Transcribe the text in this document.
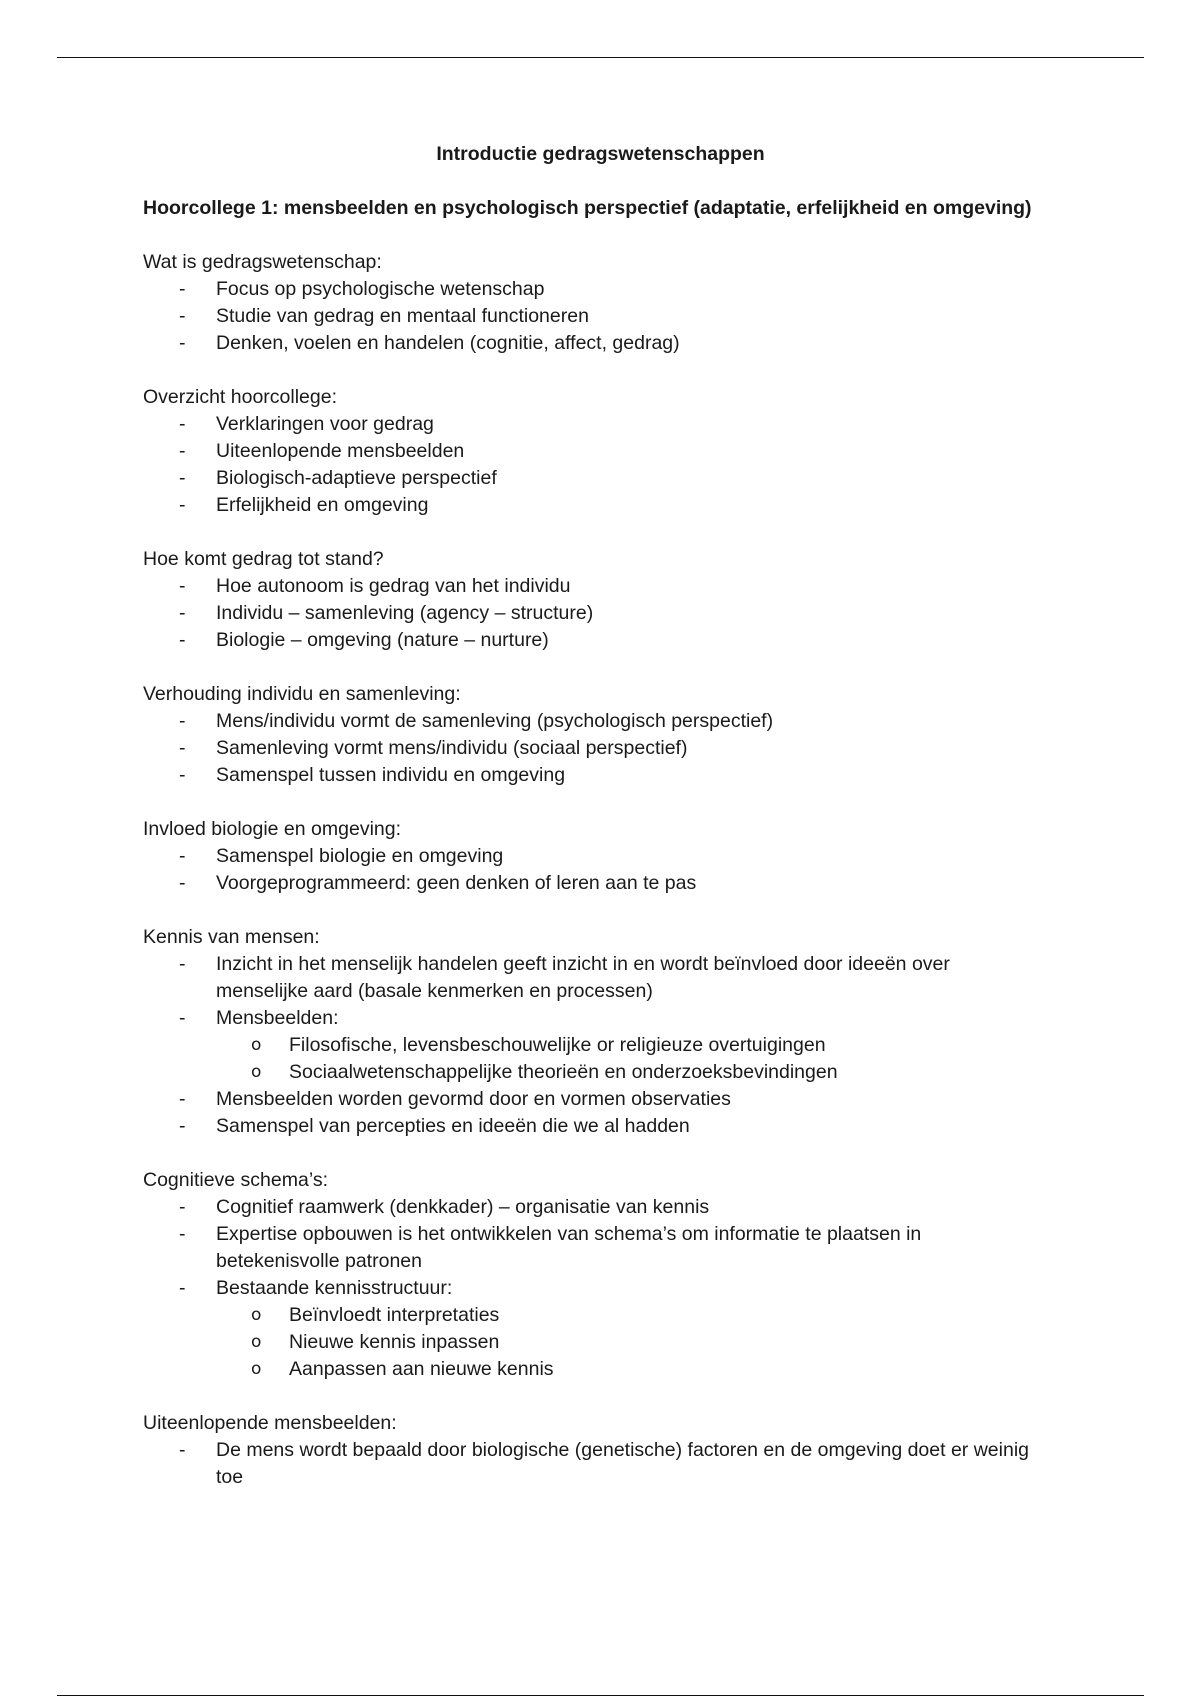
Introductie gedragswetenschappen
Hoorcollege 1: mensbeelden en psychologisch perspectief (adaptatie, erfelijkheid en omgeving)

Wat is gedragswetenschap:

- Focus op psychologische wetenschap
- Studie van gedrag en mentaal functioneren
- Denken, voelen en handelen (cognitie, affect, gedrag)

Overzicht hoorcollege:

- Verklaringen voor gedrag
- Uiteenlopende mensbeelden
- Biologisch-adaptieve perspectief
- Erfelijkheid en omgeving

Hoe komt gedrag tot stand?

- Hoe autonoom is gedrag van het individu
- Individu – samenleving (agency – structure)
- Biologie – omgeving (nature – nurture)

Verhouding individu en samenleving:

- Mens/individu vormt de samenleving (psychologisch perspectief)
- Samenleving vormt mens/individu (sociaal perspectief)
- Samenspel tussen individu en omgeving

Invloed biologie en omgeving:

- Samenspel biologie en omgeving
- Voorgeprogrammeerd: geen denken of leren aan te pas

Kennis van mensen:

- Inzicht in het menselijk handelen geeft inzicht in en wordt beïnvloed door ideeën over menselijke aard (basale kenmerken en processen)
- Mensbeelden:
o Filosofische, levensbeschouwelijke or religieuze overtuigingen
o Sociaalwetenschappelijke theorieën en onderzoeksbevindingen
- Mensbeelden worden gevormd door en vormen observaties
- Samenspel van percepties en ideeën die we al hadden

Cognitieve schema’s:

- Cognitief raamwerk (denkkader) – organisatie van kennis
- Expertise opbouwen is het ontwikkelen van schema’s om informatie te plaatsen in betekenisvolle patronen
- Bestaande kennisstructuur:
o Beïnvloedt interpretaties
o Nieuwe kennis inpassen
o Aanpassen aan nieuwe kennis

Uiteenlopende mensbeelden:

- De mens wordt bepaald door biologische (genetische) factoren en de omgeving doet er weinig toe
